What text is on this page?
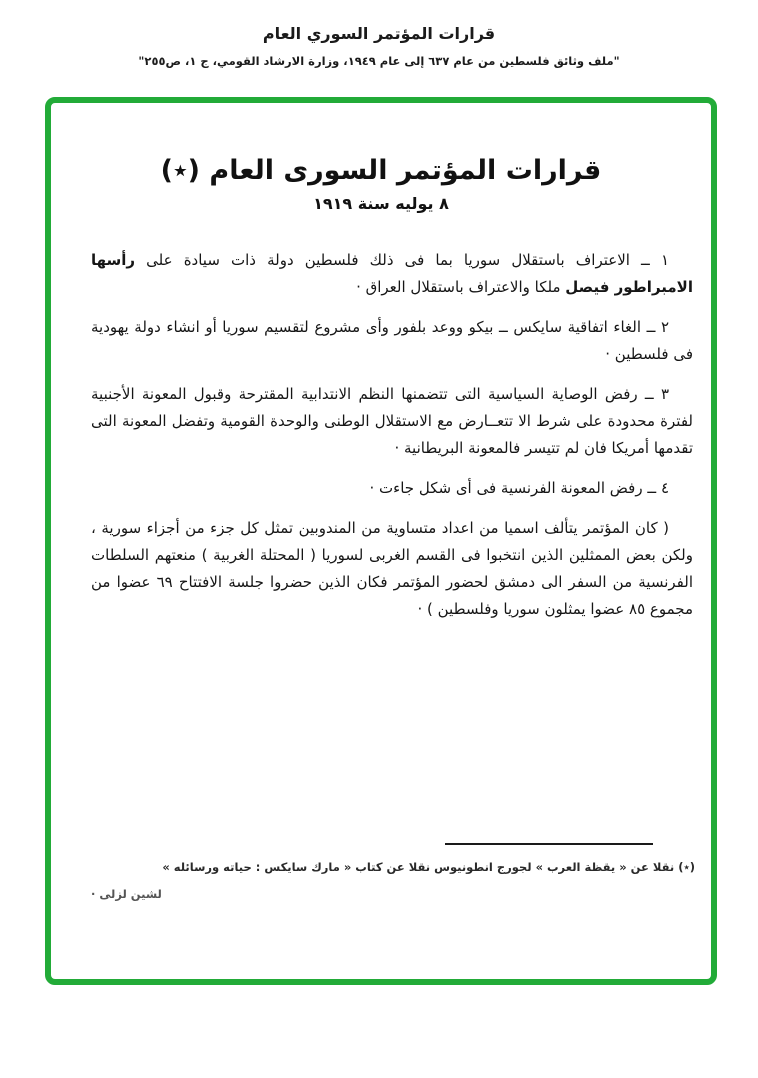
قرارات المؤتمر السوري العام
"ملف وثائق فلسطين من عام ٦٣٧ إلى عام ١٩٤٩، وزارة الارشاد القومي، ج ١، ص٢٥٥"
قرارات المؤتمر السورى العام (٭)
٨ يوليه سنة ١٩١٩

١ ــ الاعتراف باستقلال سوريا بما فى ذلك فلسطين دولة ذات سيادة على رأسها الامبراطور فيصل ملكا والاعتراف باستقلال العراق ·

٢ ــ الغاء اتفاقية سايكس ــ بيكو ووعد بلفور وأى مشروع لتقسيم سوريا أو انشاء دولة يهودية فى فلسطين ·

٣ ــ رفض الوصاية السياسية التى تتضمنها النظم الانتدابية المقترحة وقبول المعونة الأجنبية لفترة محدودة على شرط الا تتعــارض مع الاستقلال الوطنى والوحدة القومية وتفضل المعونة التى تقدمها أمريكا فان لم تتيسر فالمعونة البريطانية ·

٤ ــ رفض المعونة الفرنسية فى أى شكل جاءت ·

( كان المؤتمر يتألف اسميا من اعداد متساوية من المندوبين تمثل كل جزء من أجزاء سورية ، ولكن بعض الممثلين الذين انتخبوا فى القسم الغربى لسوريا ( المحتلة الغربية ) منعتهم السلطات الفرنسية من السفر الى دمشق لحضور المؤتمر فكان الذين حضروا جلسة الافتتاح ٦٩ عضوا من مجموع ٨٥ عضوا يمثلون سوريا وفلسطين ) ·

(٭) نقلا عن « يقظة العرب » لجورج انطونيوس نقلا عن كتاب « مارك سايكس : حياته ورسائله »
لشين لزلى ·
